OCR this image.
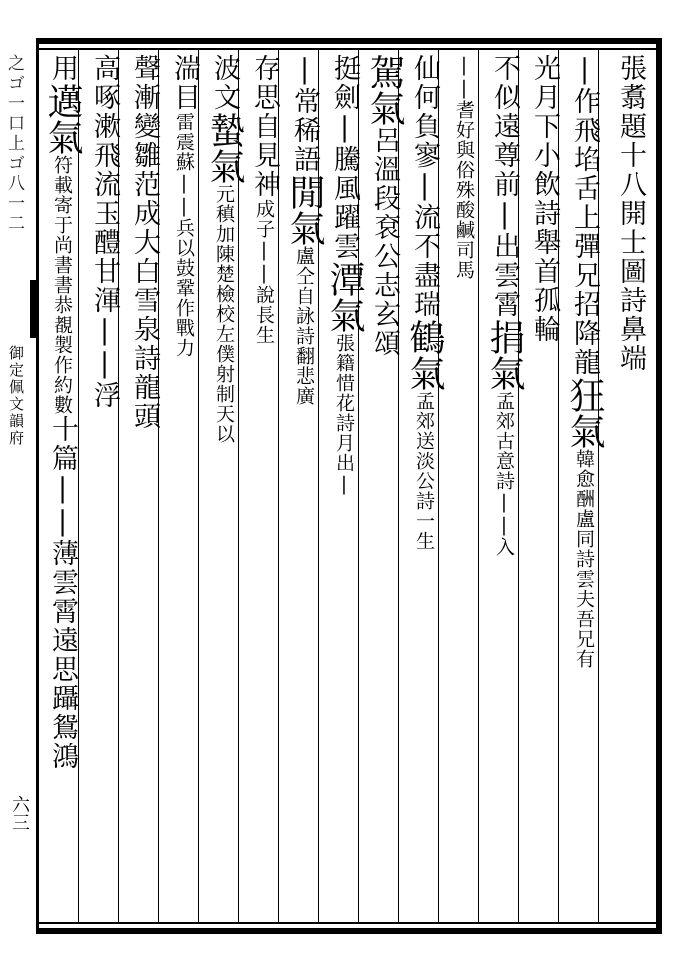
之ゴ一口上ゴ八一二
御定佩文韻府
六三
張翥題十八開士圖詩鼻端
|作飛埳舌上彈兄招降龍狂氣韓愈酬盧同詩雲夫吾兄有
光月下小飲詩舉首孤輪
不似遠尊前|出雲霄捐氣孟郊古意詩||入
||耆好與俗殊酸鹹司馬
仙何負寥|流不盡瑞鶴氣孟郊送淡公詩一生
駕氣呂溫段袞公志玄頌
挺劍|騰風躍雲潭氣張籍惜花詩月出|
|常稀語閒氣盧仝自詠詩翻悲廣
存思自見神成子||說長生
波文蟄氣元稹加陳楚檢校左僕射制天以
湍目雷震蘇||兵以鼓鞏作戰力
聲漸變雛范成大白雪泉詩龍頭
高啄漱飛流玉醴甘渾||浮
用邁氣符載寄于尚書書恭覩製作約數十篇||薄雲霄遠思躡鴛鴻
